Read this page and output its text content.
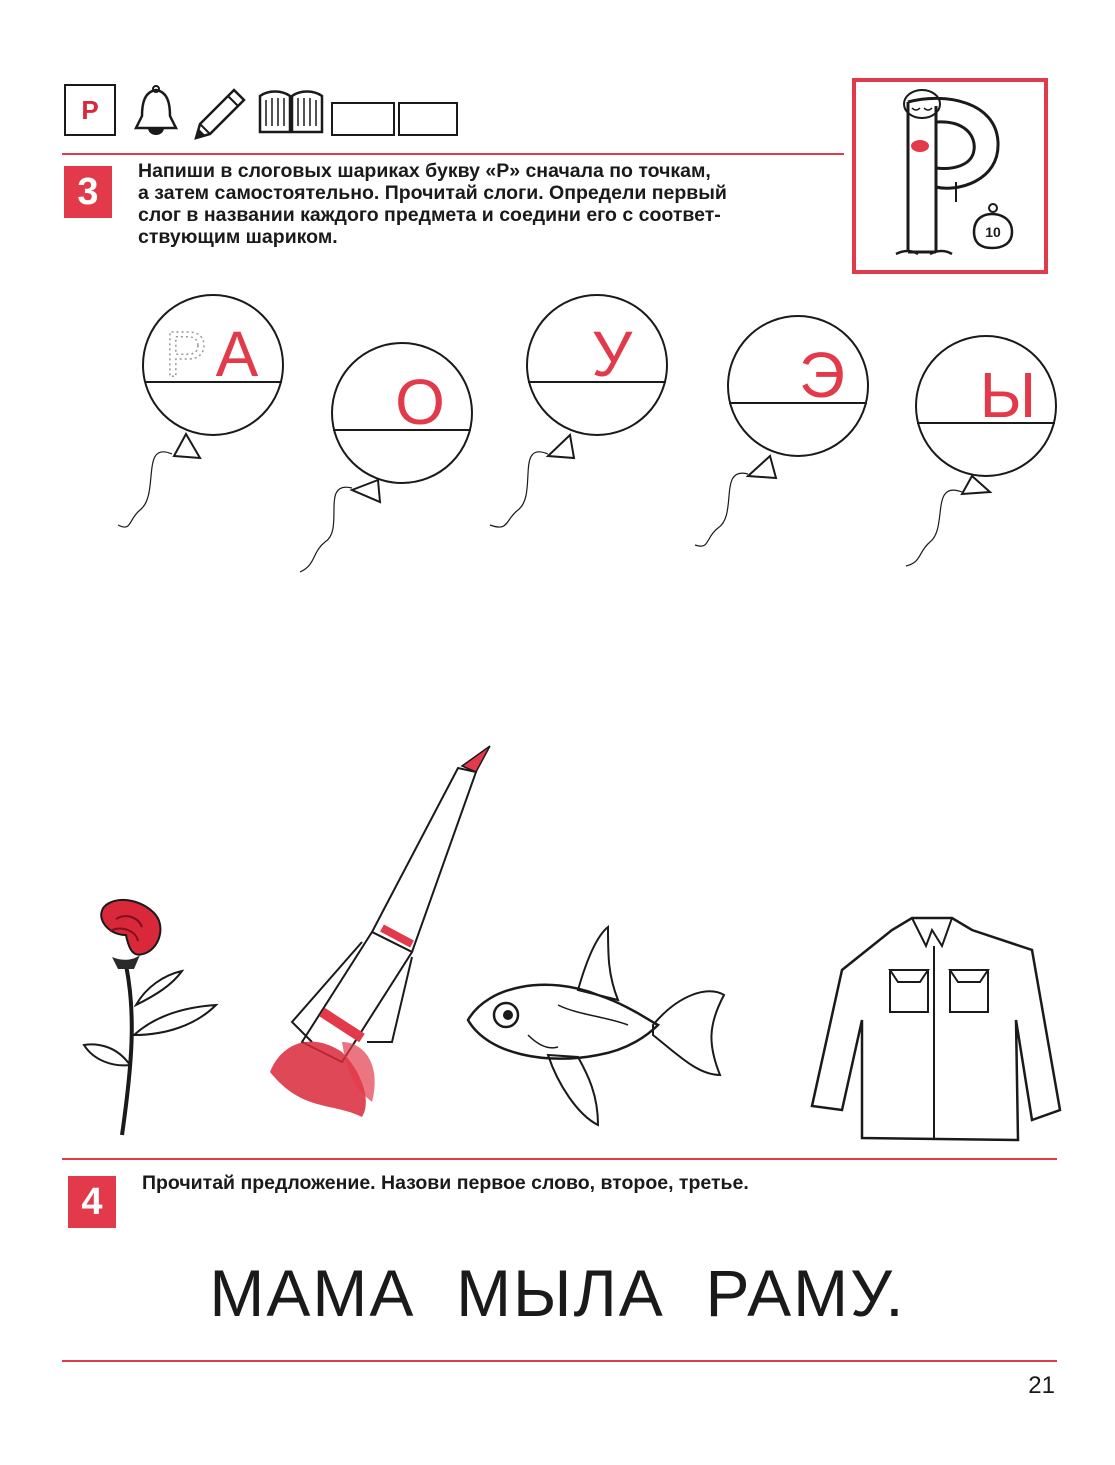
Р
10
3	Напиши в слоговых шариках букву «Р» сначала по точкам,
а затем самостоятельно. Прочитай слоги. Определи первый
слог в названии каждого предмета и соедини его с соответ-
ствующим шариком.
Р А
О
У	Э Ы
4	Прочитай предложение. Назови первое слово, второе, третье.
МАМА  МЫЛА  РАМУ.
21
